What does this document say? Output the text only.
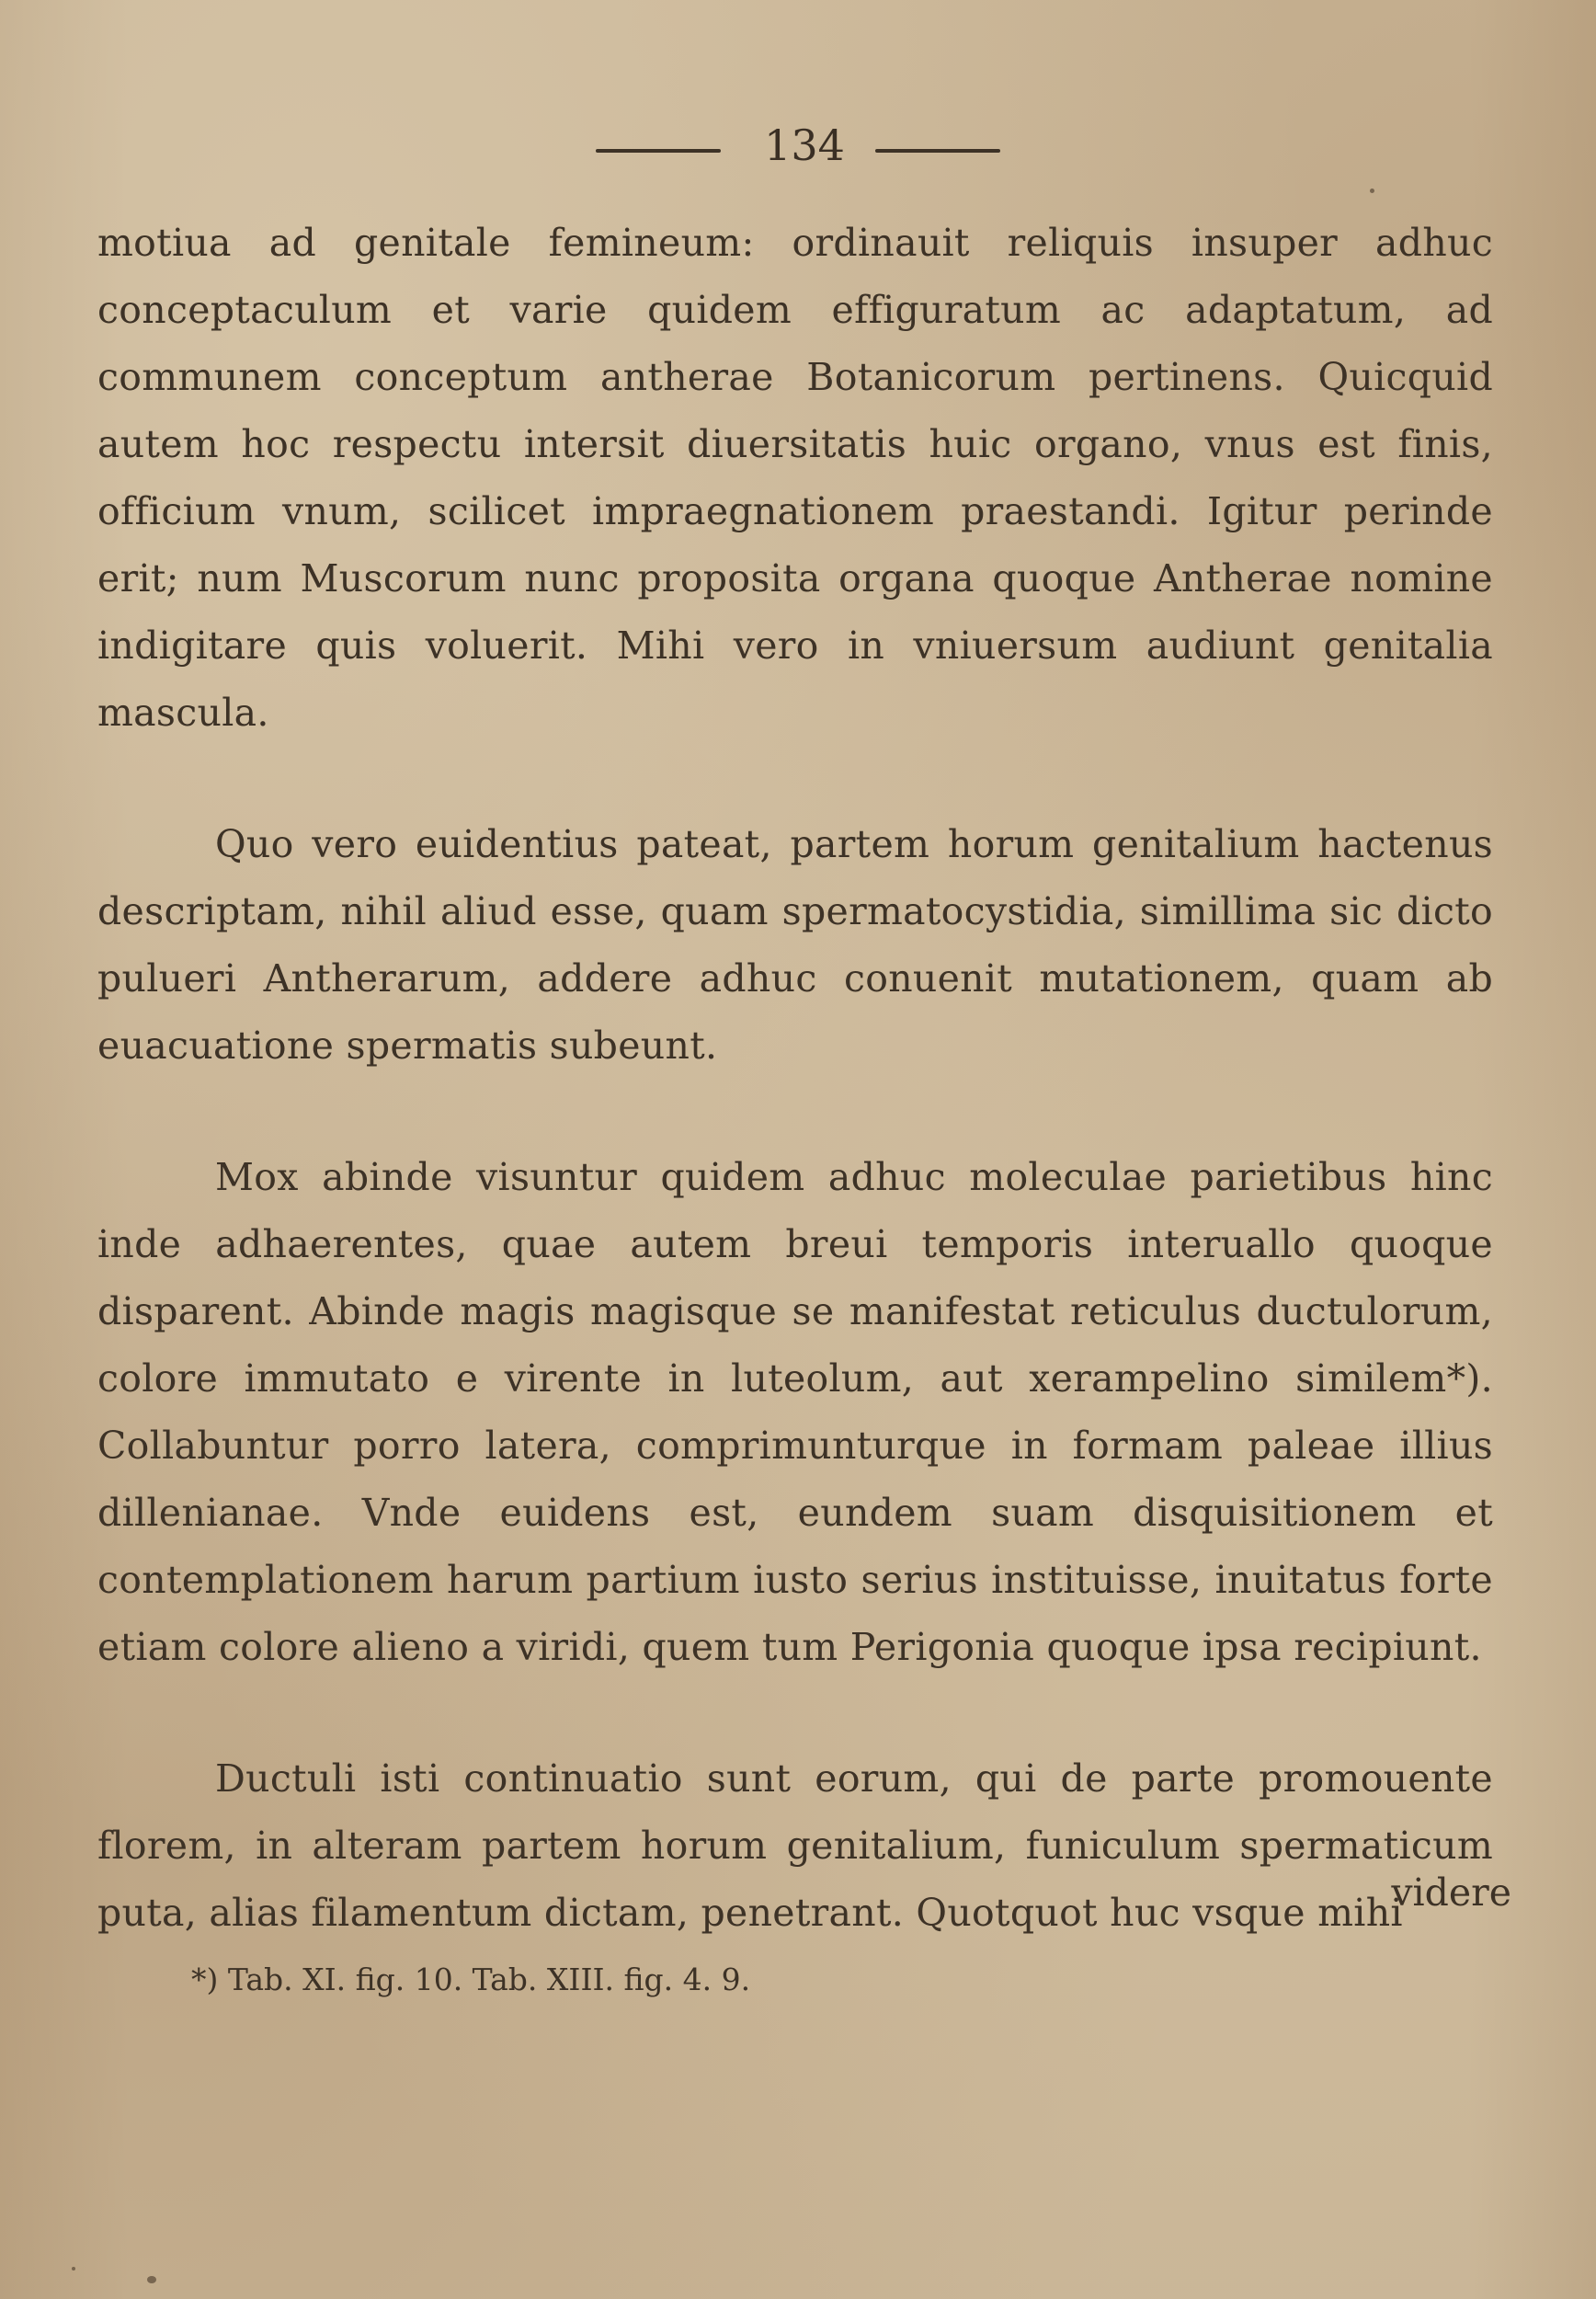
134

motiua ad genitale femineum: ordinauit reliquis insuper adhuc conceptaculum et varie quidem effiguratum ac adaptatum, ad communem conceptum antherae Botanicorum pertinens. Quicquid autem hoc respectu intersit diuersitatis huic organo, vnus est finis, officium vnum, scilicet impraegnationem praestandi. Igitur perinde erit; num Muscorum nunc proposita organa quoque Antherae nomine indigitare quis voluerit. Mihi vero in vniuersum audiunt genitalia mascula.

Quo vero euidentius pateat, partem horum genitalium hactenus descriptam, nihil aliud esse, quam spermatocystidia, simillima sic dicto pulueri Antherarum, addere adhuc conuenit mutationem, quam ab euacuatione spermatis subeunt.

Mox abinde visuntur quidem adhuc moleculae parietibus hinc inde adhaerentes, quae autem breui temporis interuallo quoque disparent. Abinde magis magisque se manifestat reticulus ductulorum, colore immutato e virente in luteolum, aut xerampelino similem*). Collabuntur porro latera, comprimunturque in formam paleae illius dillenianae. Vnde euidens est, eundem suam disquisitionem et contemplationem harum partium iusto serius instituisse, inuitatus forte etiam colore alieno a viridi, quem tum Perigonia quoque ipsa recipiunt.

Ductuli isti continuatio sunt eorum, qui de parte promouente florem, in alteram partem horum genitalium, funiculum spermaticum puta, alias filamentum dictam, penetrant. Quotquot huc vsque mihi

videre
*) Tab. XI. fig. 10. Tab. XIII. fig. 4. 9.
